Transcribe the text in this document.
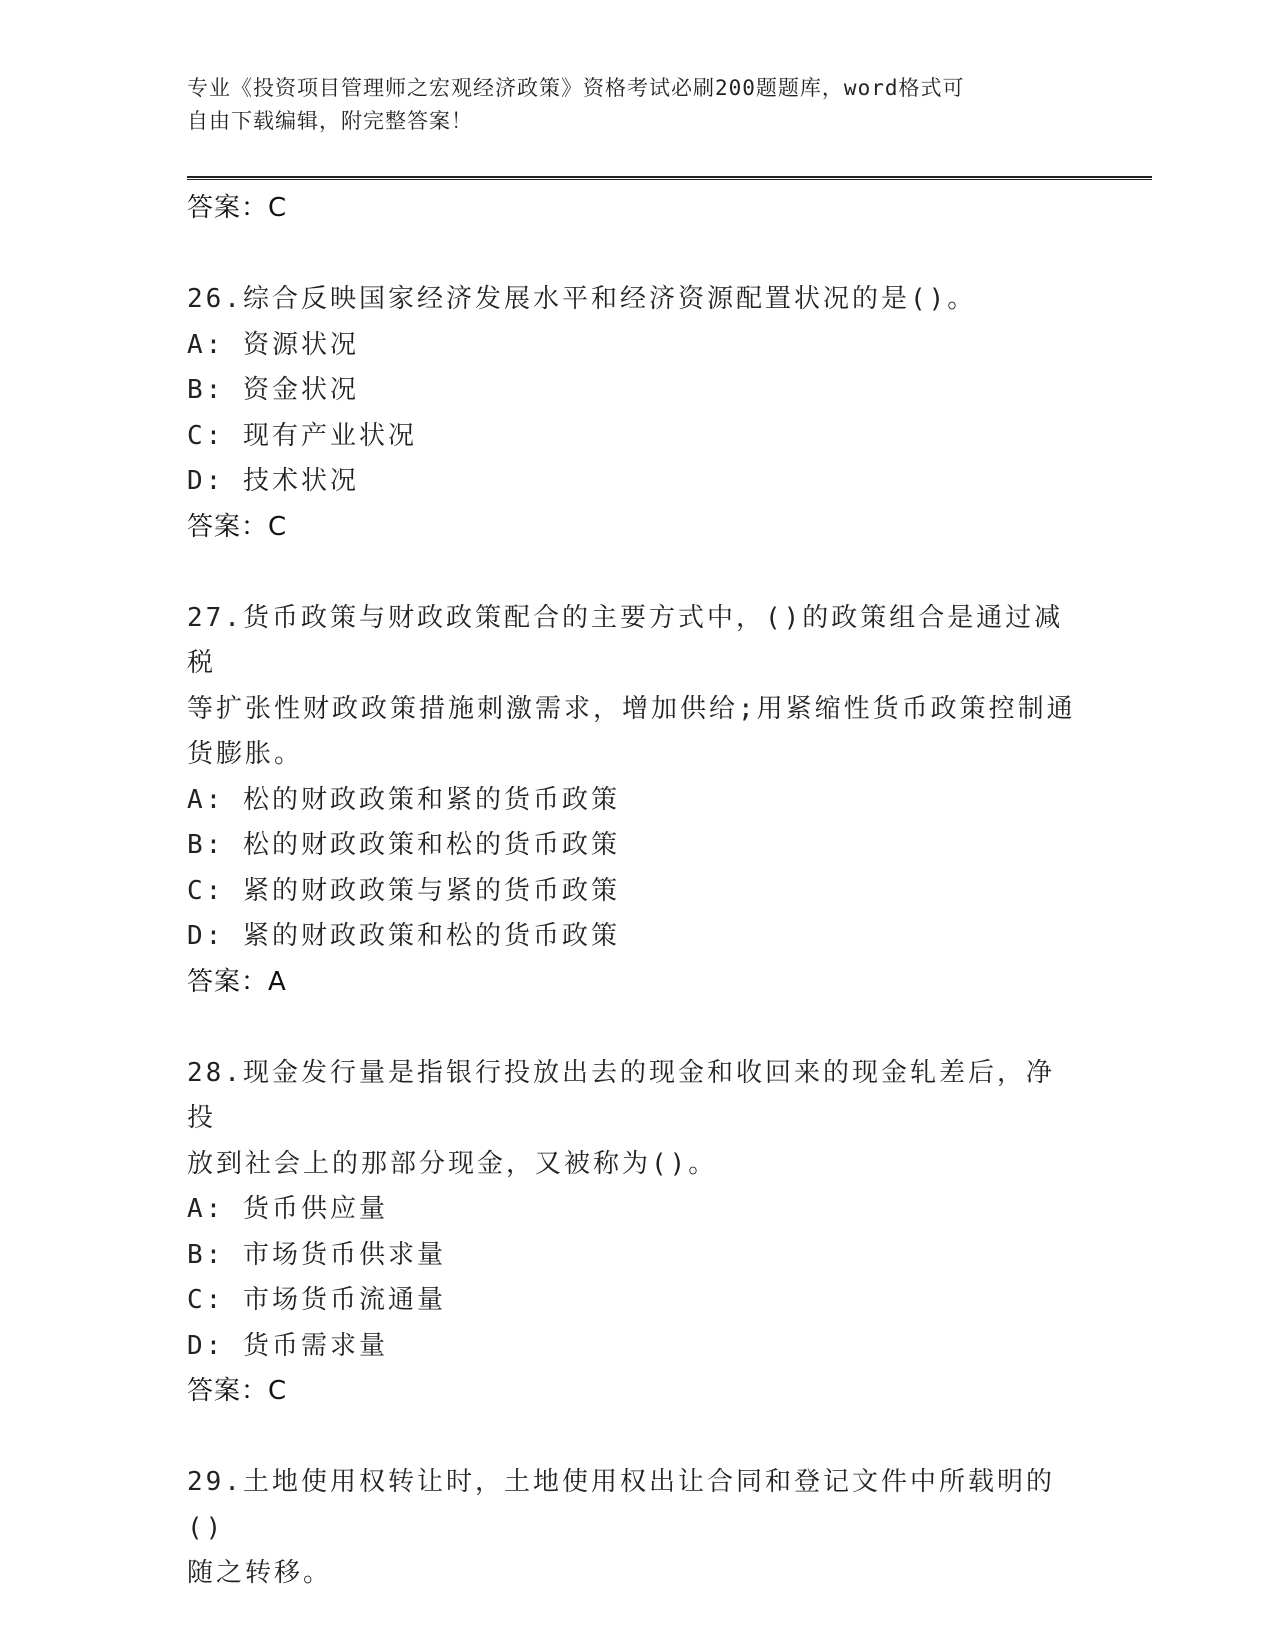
专业《投资项目管理师之宏观经济政策》资格考试必刷200题题库，word格式可
自由下载编辑，附完整答案！
答案：C
26.综合反映国家经济发展水平和经济资源配置状况的是()。
A: 资源状况
B: 资金状况
C: 现有产业状况
D: 技术状况
答案：C
27.货币政策与财政政策配合的主要方式中，()的政策组合是通过减税
等扩张性财政政策措施刺激需求，增加供给;用紧缩性货币政策控制通
货膨胀。
A: 松的财政政策和紧的货币政策
B: 松的财政政策和松的货币政策
C: 紧的财政政策与紧的货币政策
D: 紧的财政政策和松的货币政策
答案：A
28.现金发行量是指银行投放出去的现金和收回来的现金轧差后，净投
放到社会上的那部分现金，又被称为()。
A: 货币供应量
B: 市场货币供求量
C: 市场货币流通量
D: 货币需求量
答案：C
29.土地使用权转让时，土地使用权出让合同和登记文件中所载明的()
随之转移。
